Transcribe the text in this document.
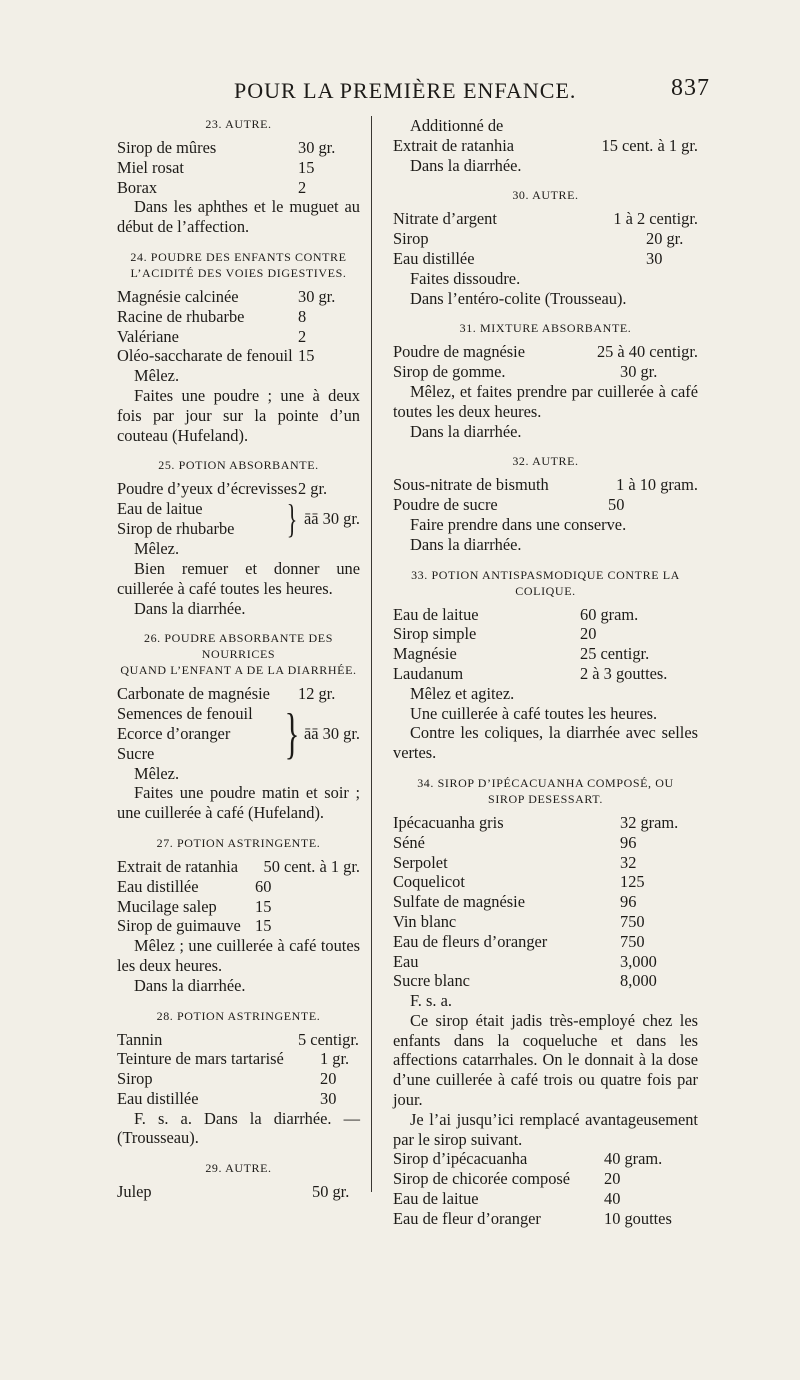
POUR LA PREMIÈRE ENFANCE.	837
23. AUTRE.
Sirop de mûres	30 gr.
Miel rosat	15
Borax	2

Dans les aphthes et le muguet au début de l’affection.

24. POUDRE DES ENFANTS CONTRE
L’ACIDITÉ DES VOIES DIGESTIVES.
Magnésie calcinée	30 gr.
Racine de rhubarbe	8
Valériane	2
Oléo-saccharate de fenouil 15

Mêlez.

Faites une poudre ; une à deux fois par jour sur la pointe d’un couteau (Hufeland).

25. POTION ABSORBANTE.
Poudre d’yeux d’écrevisses 2 gr.
Eau de laitue
Sirop de rhubarbe	} āā 30 gr.

Mêlez.

Bien remuer et donner une cuillerée à café toutes les heures.

Dans la diarrhée.

26. POUDRE ABSORBANTE DES NOURRICES
QUAND L’ENFANT A DE LA DIARRHÉE.
Carbonate de magnésie 12 gr.
Semences de fenouil
Ecorce d’oranger
Sucre	} āā 30 gr.

Mêlez.

Faites une poudre matin et soir ; une cuillerée à café (Hufeland).

27. POTION ASTRINGENTE.
Extrait de ratanhia 50 cent. à 1 gr.
Eau distillée	60
Mucilage salep 15
Sirop de guimauve 15

Mêlez ; une cuillerée à café toutes les deux heures.

Dans la diarrhée.

28. POTION ASTRINGENTE.
Tannin	5 centigr.
Teinture de mars tartarisé 1 gr.
Sirop	20
Eau distillée	30

F. s. a. Dans la diarrhée. — (Trousseau).

29. AUTRE.
Julep	50 gr.

Additionné de

Extrait de ratanhia	15 cent. à 1 gr.

Dans la diarrhée.

30. AUTRE.
Nitrate d’argent	1 à 2 centigr.
Sirop	20 gr.
Eau distillée	30

Faites dissoudre.

Dans l’entéro-colite (Trousseau).

31. MIXTURE ABSORBANTE.
Poudre de magnésie	25 à 40 centigr.
Sirop de gomme.	30 gr.

Mêlez, et faites prendre par cuillerée à café toutes les deux heures.

Dans la diarrhée.

32. AUTRE.
Sous-nitrate de bismuth	1 à 10 gram.
Poudre de sucre	50

Faire prendre dans une conserve.

Dans la diarrhée.

33. POTION ANTISPASMODIQUE CONTRE LA
COLIQUE.
Eau de laitue	60 gram.
Sirop simple	20
Magnésie	25 centigr.
Laudanum	2 à 3 gouttes.

Mêlez et agitez.

Une cuillerée à café toutes les heures.

Contre les coliques, la diarrhée avec selles vertes.

34. SIROP D’IPÉCACUANHA COMPOSÉ, OU
SIROP DESESSART.
Ipécacuanha gris	32 gram.
Séné	96
Serpolet	32
Coquelicot	125
Sulfate de magnésie	96
Vin blanc	750
Eau de fleurs d’oranger	750
Eau	3,000
Sucre blanc	8,000

F. s. a.

Ce sirop était jadis très-employé chez les enfants dans la coqueluche et dans les affections catarrhales. On le donnait à la dose d’une cuillerée à café trois ou quatre fois par jour.

Je l’ai jusqu’ici remplacé avantageusement par le sirop suivant.

Sirop d’ipécacuanha	40 gram.
Sirop de chicorée composé 20
Eau de laitue	40
Eau de fleur d’oranger	10 gouttes
